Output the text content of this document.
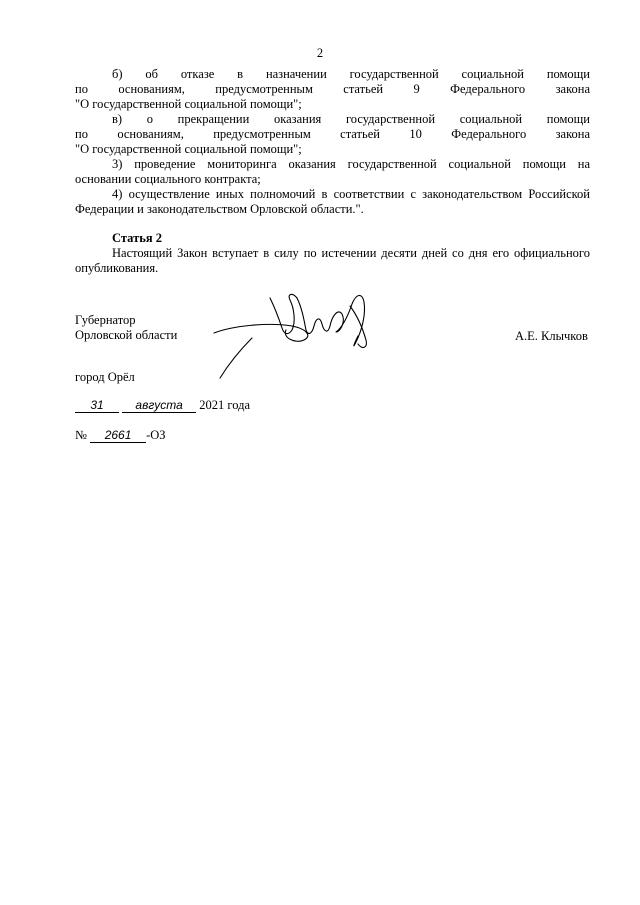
2

б) об отказе в назначении государственной социальной помощи

по основаниям, предусмотренным статьей 9 Федерального закона

"О государственной социальной помощи";

в) о прекращении оказания государственной социальной помощи

по основаниям, предусмотренным статьей 10 Федерального закона

"О государственной социальной помощи";

3) проведение мониторинга оказания государственной социальной помощи на

основании социального контракта;

4) осуществление иных полномочий в соответствии с законодательством Российской

Федерации и законодательством Орловской области.".

Статья 2

Настоящий Закон вступает в силу по истечении десяти дней со дня его официального

опубликования.

Губернатор
Орловской области	А.Е. Клычков
город Орёл
31	августа 2021 года
№ 2661 -ОЗ
